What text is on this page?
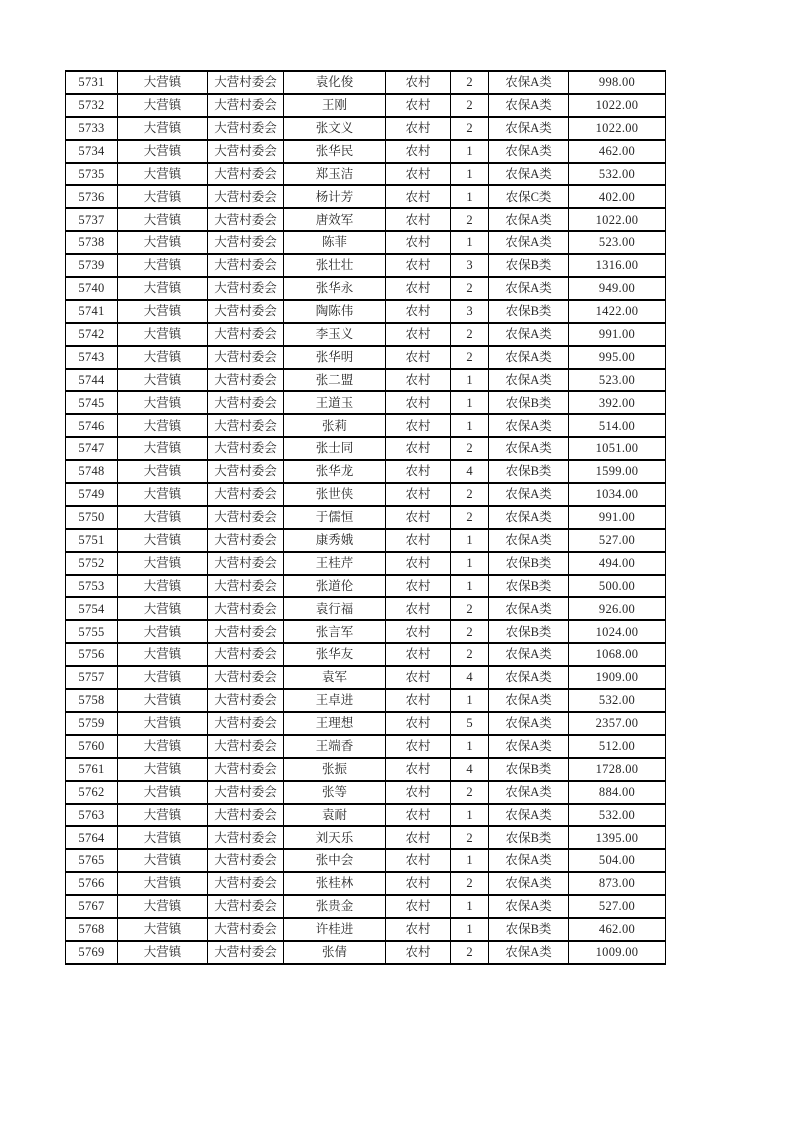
5731	大营镇	大营村委会	袁化俊	农村	2	农保A类	998.00
5732	大营镇	大营村委会	王刚	农村	2	农保A类	1022.00
5733	大营镇	大营村委会	张文义	农村	2	农保A类	1022.00
5734	大营镇	大营村委会	张华民	农村	1	农保A类	462.00
5735	大营镇	大营村委会	郑玉洁	农村	1	农保A类	532.00
5736	大营镇	大营村委会	杨计芳	农村	1	农保C类	402.00
5737	大营镇	大营村委会	唐效军	农村	2	农保A类	1022.00
5738	大营镇	大营村委会	陈菲	农村	1	农保A类	523.00
5739	大营镇	大营村委会	张壮壮	农村	3	农保B类	1316.00
5740	大营镇	大营村委会	张华永	农村	2	农保A类	949.00
5741	大营镇	大营村委会	陶陈伟	农村	3	农保B类	1422.00
5742	大营镇	大营村委会	李玉义	农村	2	农保A类	991.00
5743	大营镇	大营村委会	张华明	农村	2	农保A类	995.00
5744	大营镇	大营村委会	张二盟	农村	1	农保A类	523.00
5745	大营镇	大营村委会	王道玉	农村	1	农保B类	392.00
5746	大营镇	大营村委会	张莉	农村	1	农保A类	514.00
5747	大营镇	大营村委会	张士同	农村	2	农保A类	1051.00
5748	大营镇	大营村委会	张华龙	农村	4	农保B类	1599.00
5749	大营镇	大营村委会	张世侠	农村	2	农保A类	1034.00
5750	大营镇	大营村委会	于儒恒	农村	2	农保A类	991.00
5751	大营镇	大营村委会	康秀娥	农村	1	农保A类	527.00
5752	大营镇	大营村委会	王桂芹	农村	1	农保B类	494.00
5753	大营镇	大营村委会	张道伦	农村	1	农保B类	500.00
5754	大营镇	大营村委会	袁行福	农村	2	农保A类	926.00
5755	大营镇	大营村委会	张言军	农村	2	农保B类	1024.00
5756	大营镇	大营村委会	张华友	农村	2	农保A类	1068.00
5757	大营镇	大营村委会	袁军	农村	4	农保A类	1909.00
5758	大营镇	大营村委会	王卓进	农村	1	农保A类	532.00
5759	大营镇	大营村委会	王理想	农村	5	农保A类	2357.00
5760	大营镇	大营村委会	王端香	农村	1	农保A类	512.00
5761	大营镇	大营村委会	张振	农村	4	农保B类	1728.00
5762	大营镇	大营村委会	张等	农村	2	农保A类	884.00
5763	大营镇	大营村委会	袁耐	农村	1	农保A类	532.00
5764	大营镇	大营村委会	刘天乐	农村	2	农保B类	1395.00
5765	大营镇	大营村委会	张中会	农村	1	农保A类	504.00
5766	大营镇	大营村委会	张桂林	农村	2	农保A类	873.00
5767	大营镇	大营村委会	张贵金	农村	1	农保A类	527.00
5768	大营镇	大营村委会	许桂进	农村	1	农保B类	462.00
5769	大营镇	大营村委会	张倩	农村	2	农保A类	1009.00
